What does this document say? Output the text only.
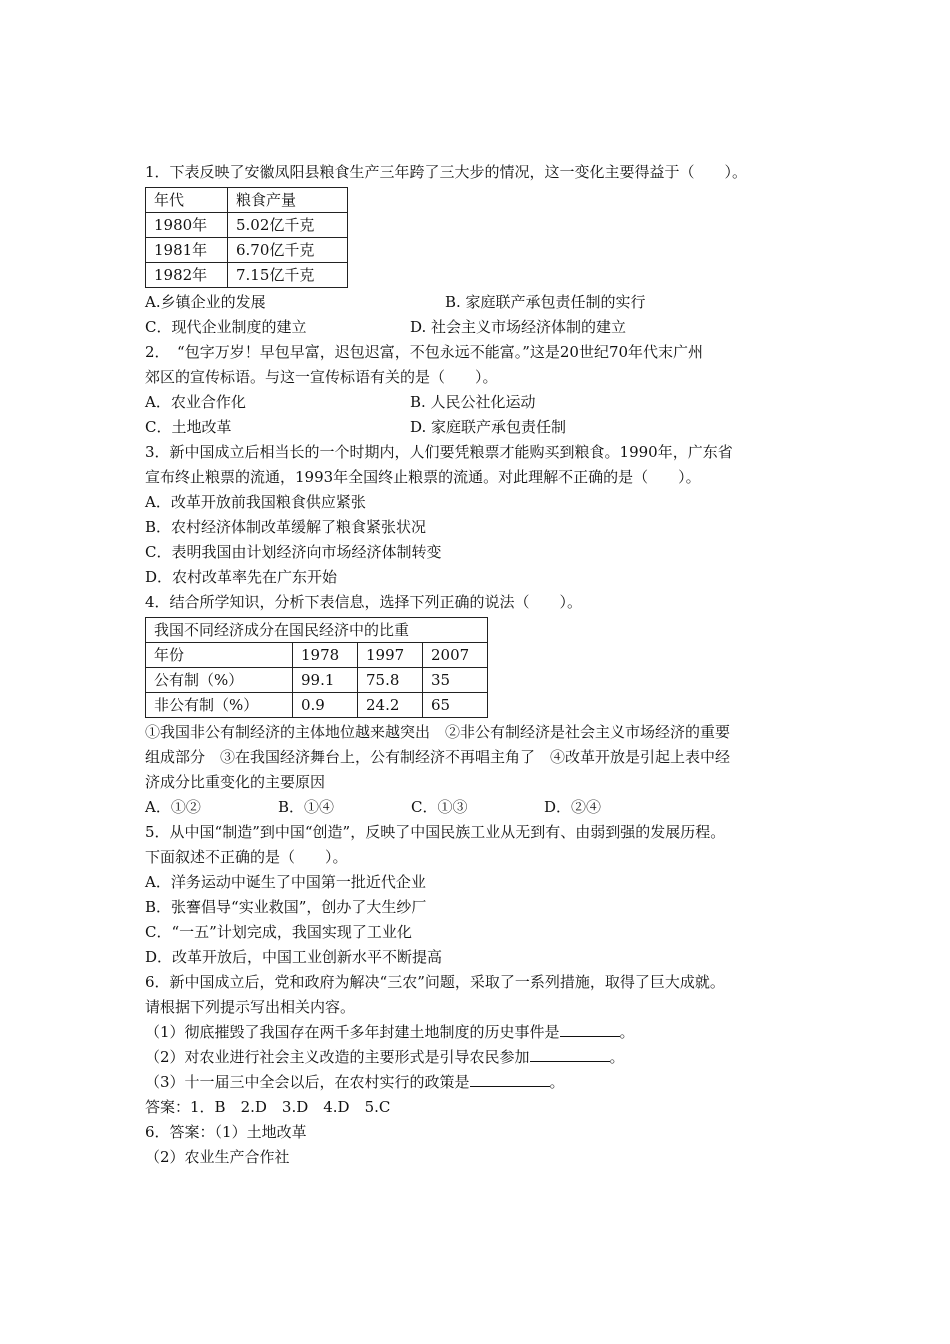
1．下表反映了安徽凤阳县粮食生产三年跨了三大步的情况，这一变化主要得益于（　　）。
年代	粮食产量
1980年	5.02亿千克
1981年	6.70亿千克
1982年	7.15亿千克
A.乡镇企业的发展	B. 家庭联产承包责任制的实行
C．现代企业制度的建立	D. 社会主义市场经济体制的建立
2．　“包字万岁！早包早富，迟包迟富，不包永远不能富。”这是20世纪70年代末广州
郊区的宣传标语。与这一宣传标语有关的是（　　）。
A．农业合作化	B. 人民公社化运动
C．土地改革	D. 家庭联产承包责任制
3．新中国成立后相当长的一个时期内，人们要凭粮票才能购买到粮食。1990年，广东省
宣布终止粮票的流通，1993年全国终止粮票的流通。对此理解不正确的是（　　）。
A．改革开放前我国粮食供应紧张
B．农村经济体制改革缓解了粮食紧张状况
C．表明我国由计划经济向市场经济体制转变
D．农村改革率先在广东开始
4．结合所学知识，分析下表信息，选择下列正确的说法（　　）。
我国不同经济成分在国民经济中的比重			
年份	1978	1997	2007
公有制（%）	99.1	75.8	35
非公有制（%）	0.9	24.2	65
①我国非公有制经济的主体地位越来越突出　②非公有制经济是社会主义市场经济的重要
组成部分　③在我国经济舞台上，公有制经济不再唱主角了　④改革开放是引起上表中经
济成分比重变化的主要原因
A．①②	B．①④	C．①③	D．②④
5．从中国“制造”到中国“创造”，反映了中国民族工业从无到有、由弱到强的发展历程。
下面叙述不正确的是（　　）。
A．洋务运动中诞生了中国第一批近代企业
B．张謇倡导“实业救国”，创办了大生纱厂
C．“一五”计划完成，我国实现了工业化
D．改革开放后，中国工业创新水平不断提高
6．新中国成立后，党和政府为解决“三农”问题，采取了一系列措施，取得了巨大成就。
请根据下列提示写出相关内容。
（1）彻底摧毁了我国存在两千多年封建土地制度的历史事件是	。
（2）对农业进行社会主义改造的主要形式是引导农民参加	。
（3）十一届三中全会以后，在农村实行的政策是	。
答案：1．B　2.D　3.D　4.D　5.C
6．答案：（1）土地改革
（2）农业生产合作社
